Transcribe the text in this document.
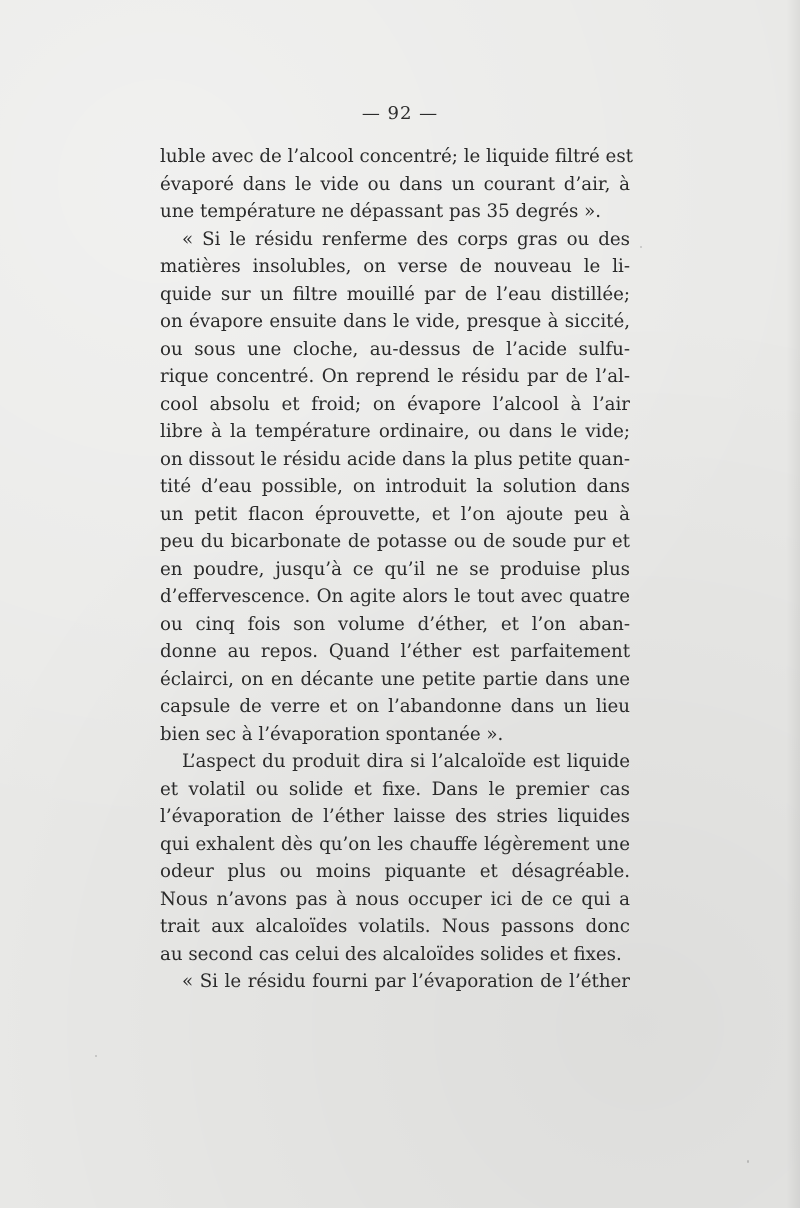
— 92 —
luble avec de l’alcool concentré; le liquide filtré est
évaporé dans le vide ou dans un courant d’air, à
une température ne dépassant pas 35 degrés ».
« Si le résidu renferme des corps gras ou des
matières insolubles, on verse de nouveau le li-
quide sur un filtre mouillé par de l’eau distillée;
on évapore ensuite dans le vide, presque à siccité,
ou sous une cloche, au-dessus de l’acide sulfu-
rique concentré. On reprend le résidu par de l’al-
cool absolu et froid; on évapore l’alcool à l’air
libre à la température ordinaire, ou dans le vide;
on dissout le résidu acide dans la plus petite quan-
tité d’eau possible, on introduit la solution dans
un petit flacon éprouvette, et l’on ajoute peu à
peu du bicarbonate de potasse ou de soude pur et
en poudre, jusqu’à ce qu’il ne se produise plus
d’effervescence. On agite alors le tout avec quatre
ou cinq fois son volume d’éther, et l’on aban-
donne au repos. Quand l’éther est parfaitement
éclairci, on en décante une petite partie dans une
capsule de verre et on l’abandonne dans un lieu
bien sec à l’évaporation spontanée ».
L’aspect du produit dira si l’alcaloïde est liquide
et volatil ou solide et fixe. Dans le premier cas
l’évaporation de l’éther laisse des stries liquides
qui exhalent dès qu’on les chauffe légèrement une
odeur plus ou moins piquante et désagréable.
Nous n’avons pas à nous occuper ici de ce qui a
trait aux alcaloïdes volatils. Nous passons donc
au second cas celui des alcaloïdes solides et fixes.
« Si le résidu fourni par l’évaporation de l’éther
